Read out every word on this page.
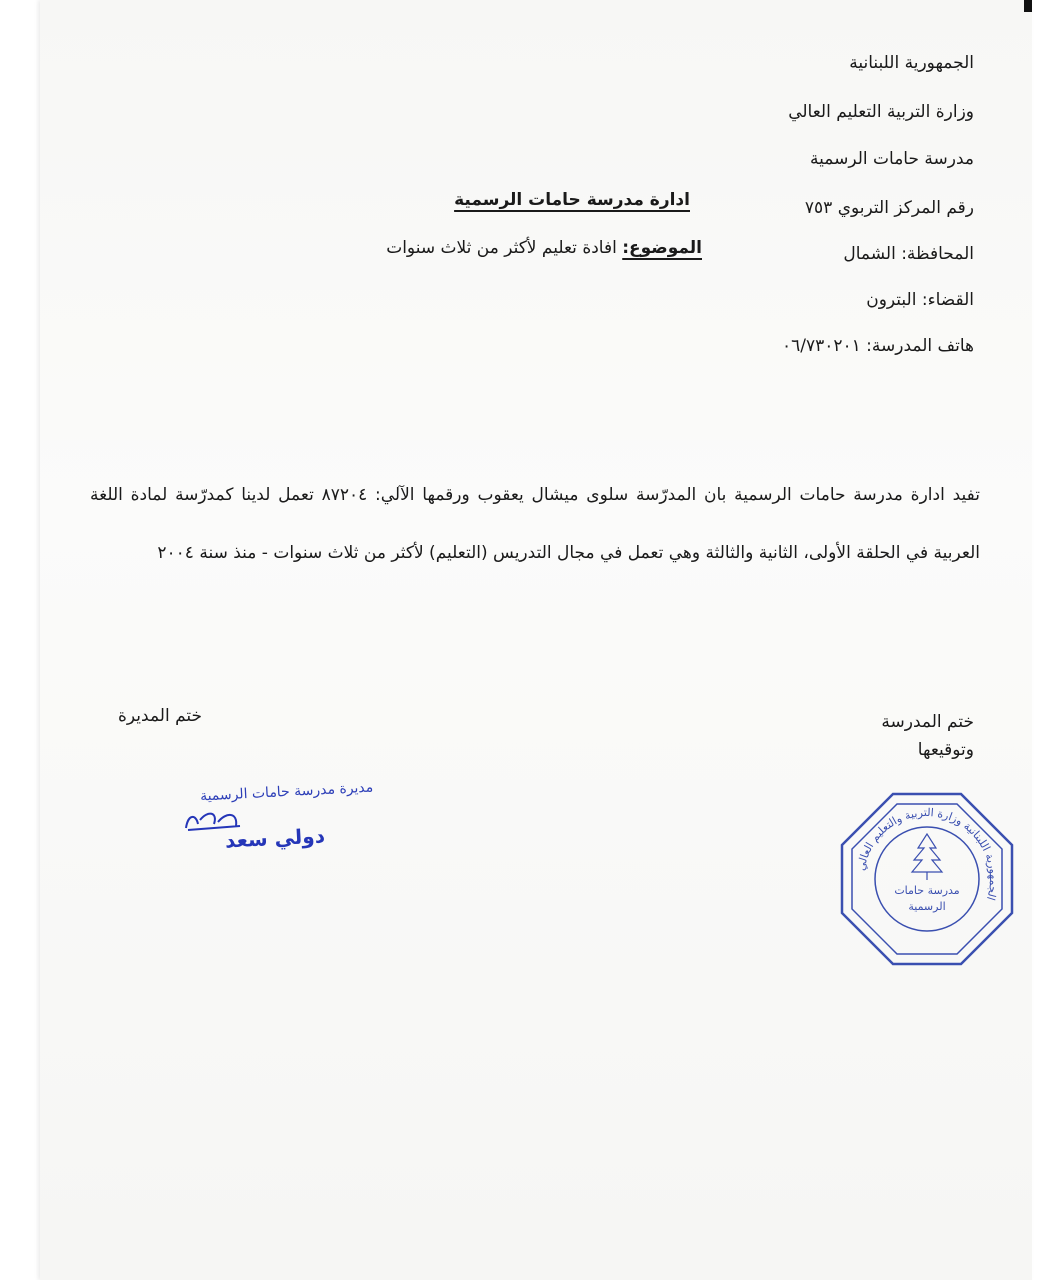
الجمهورية اللبنانية
وزارة التربية التعليم العالي
مدرسة حامات الرسمية
رقم المركز التربوي ٧٥٣
المحافظة: الشمال
القضاء: البترون
هاتف المدرسة: ٠٦/٧٣٠٢٠١
ادارة مدرسة حامات الرسمية
الموضوع: افادة تعليم لأكثر من ثلاث سنوات
تفيد ادارة مدرسة حامات الرسمية بان المدرّسة سلوى ميشال يعقوب ورقمها الآلي: ٨٧٢٠٤ تعمل لدينا كمدرّسة لمادة اللغة العربية في الحلقة الأولى، الثانية والثالثة وهي تعمل في مجال التدريس (التعليم) لأكثر من ثلاث سنوات - منذ سنة ٢٠٠٤
ختم المدرسة
وتوقيعها
ختم المديرة
مديرة مدرسة حامات الرسمية
دولي سعد
الجمهورية اللبنانية وزارة التربية والتعليم العالي
مدرسة حامات
الرسمية
